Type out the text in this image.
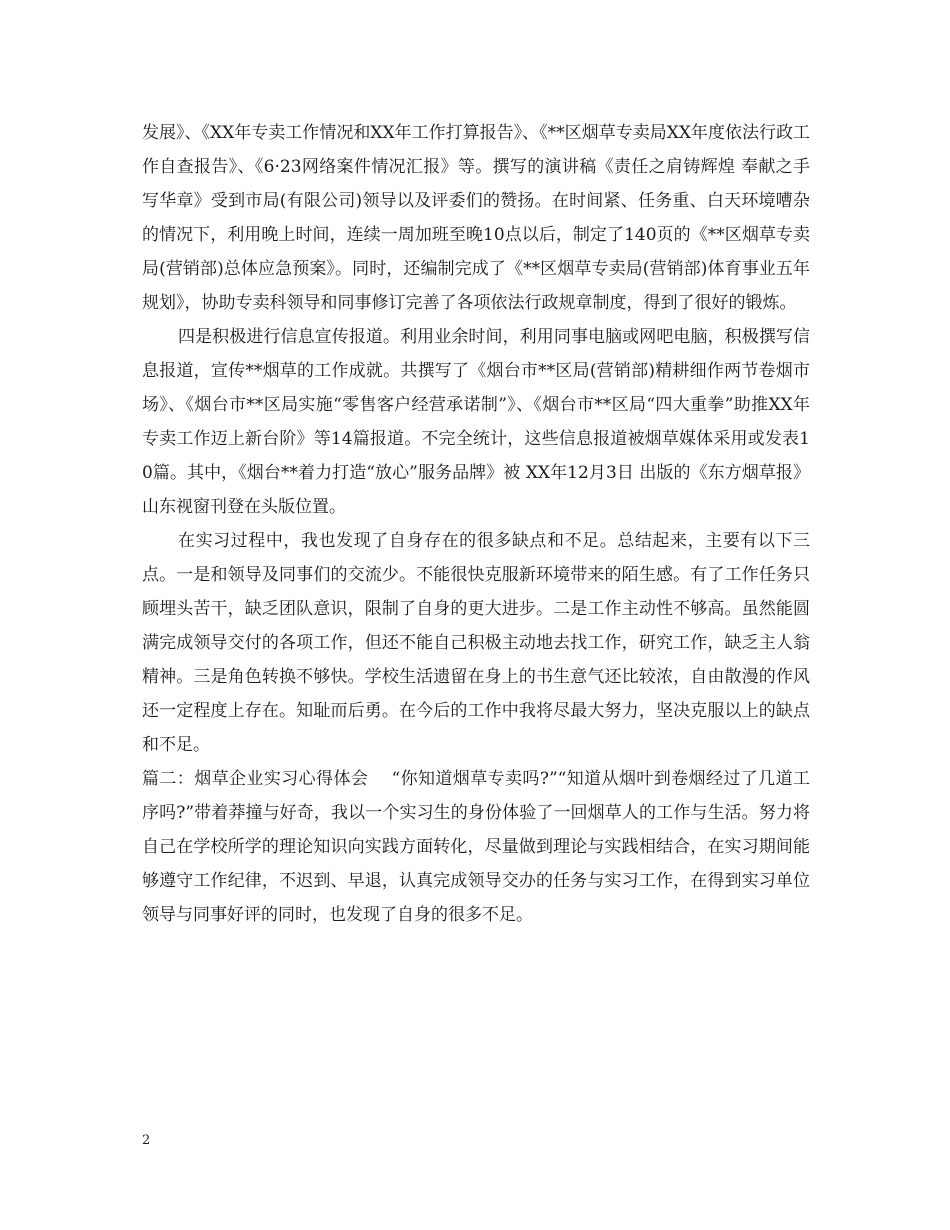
发展》、《XX年专卖工作情况和XX年工作打算报告》、《**区烟草专卖局XX年度依法行政工作自查报告》、《6·23网络案件情况汇报》等。撰写的演讲稿《责任之肩铸辉煌 奉献之手写华章》受到市局(有限公司)领导以及评委们的赞扬。在时间紧、任务重、白天环境嘈杂的情况下，利用晚上时间，连续一周加班至晚10点以后，制定了140页的《**区烟草专卖局(营销部)总体应急预案》。同时，还编制完成了《**区烟草专卖局(营销部)体育事业五年规划》，协助专卖科领导和同事修订完善了各项依法行政规章制度，得到了很好的锻炼。

四是积极进行信息宣传报道。利用业余时间，利用同事电脑或网吧电脑，积极撰写信息报道，宣传**烟草的工作成就。共撰写了《烟台市**区局(营销部)精耕细作两节卷烟市场》、《烟台市**区局实施“零售客户经营承诺制”》、《烟台市**区局“四大重拳”助推XX年专卖工作迈上新台阶》等14篇报道。不完全统计，这些信息报道被烟草媒体采用或发表10篇。其中，《烟台**着力打造“放心”服务品牌》被 XX年12月3日 出版的《东方烟草报》山东视窗刊登在头版位置。

在实习过程中，我也发现了自身存在的很多缺点和不足。总结起来，主要有以下三点。一是和领导及同事们的交流少。不能很快克服新环境带来的陌生感。有了工作任务只顾埋头苦干，缺乏团队意识，限制了自身的更大进步。二是工作主动性不够高。虽然能圆满完成领导交付的各项工作，但还不能自己积极主动地去找工作，研究工作，缺乏主人翁精神。三是角色转换不够快。学校生活遗留在身上的书生意气还比较浓，自由散漫的作风还一定程度上存在。知耻而后勇。在今后的工作中我将尽最大努力，坚决克服以上的缺点和不足。

篇二：烟草企业实习心得体会    “你知道烟草专卖吗?”“知道从烟叶到卷烟经过了几道工序吗?”带着莽撞与好奇，我以一个实习生的身份体验了一回烟草人的工作与生活。努力将自己在学校所学的理论知识向实践方面转化，尽量做到理论与实践相结合，在实习期间能够遵守工作纪律，不迟到、早退，认真完成领导交办的任务与实习工作，在得到实习单位领导与同事好评的同时，也发现了自身的很多不足。

2
